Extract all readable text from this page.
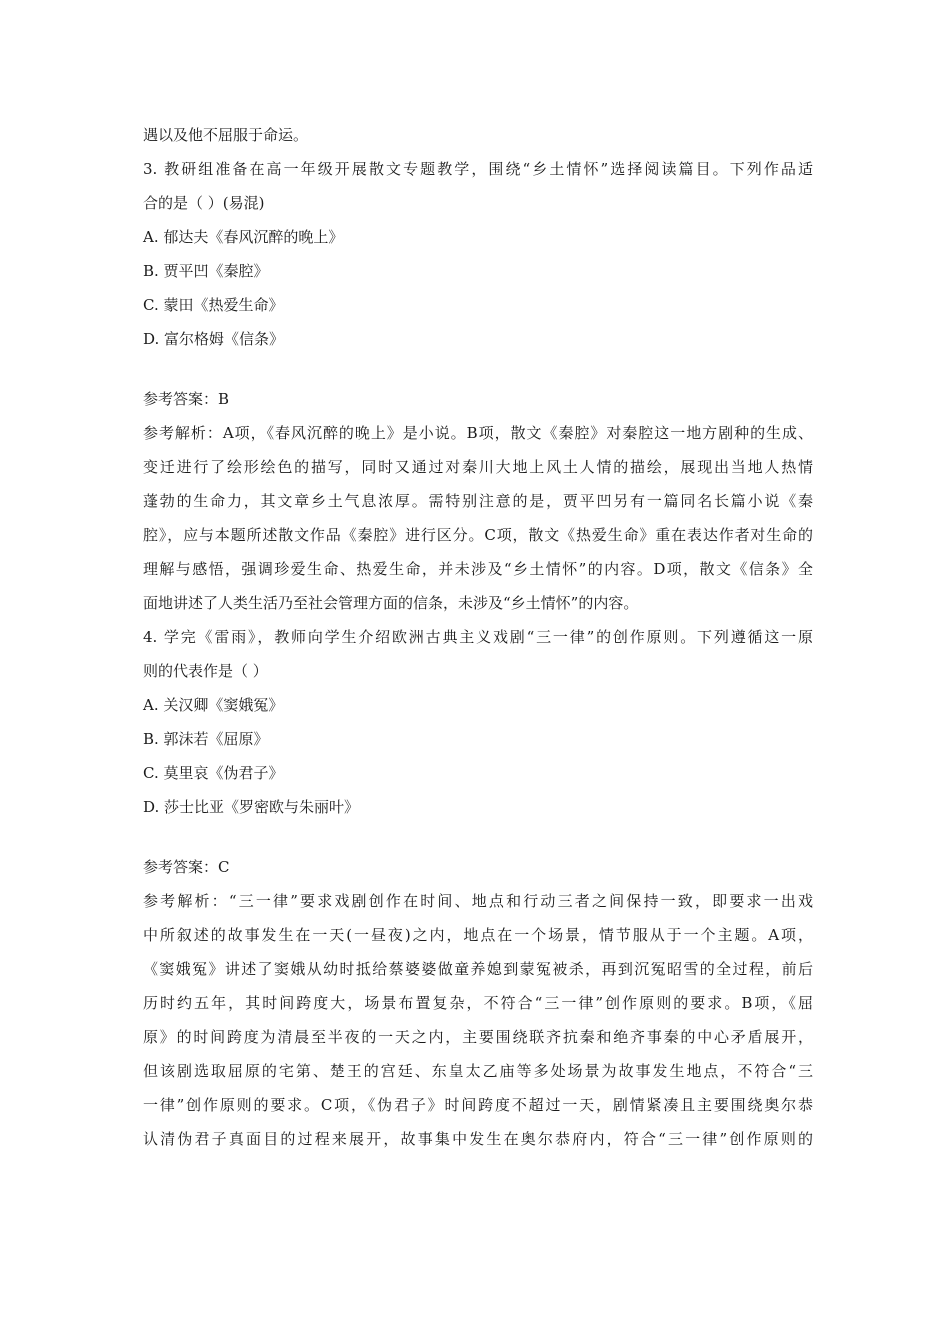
遇以及他不屈服于命运。
3. 教研组准备在高一年级开展散文专题教学，围绕“乡土情怀”选择阅读篇目。下列作品适
合的是（ ）(易混)
A. 郁达夫《春风沉醉的晚上》
B. 贾平凹《秦腔》
C. 蒙田《热爱生命》
D. 富尔格姆《信条》
参考答案：B
参考解析：A项，《春风沉醉的晚上》是小说。B项，散文《秦腔》对秦腔这一地方剧种的生成、
变迁进行了绘形绘色的描写，同时又通过对秦川大地上风土人情的描绘，展现出当地人热情
蓬勃的生命力，其文章乡土气息浓厚。需特别注意的是，贾平凹另有一篇同名长篇小说《秦
腔》，应与本题所述散文作品《秦腔》进行区分。C项，散文《热爱生命》重在表达作者对生命的
理解与感悟，强调珍爱生命、热爱生命，并未涉及“乡土情怀”的内容。D项，散文《信条》全
面地讲述了人类生活乃至社会管理方面的信条，未涉及“乡土情怀”的内容。
4. 学完《雷雨》，教师向学生介绍欧洲古典主义戏剧“三一律”的创作原则。下列遵循这一原
则的代表作是（ ）
A. 关汉卿《窦娥冤》
B. 郭沫若《屈原》
C. 莫里哀《伪君子》
D. 莎士比亚《罗密欧与朱丽叶》
参考答案：C
参考解析：“三一律”要求戏剧创作在时间、地点和行动三者之间保持一致，即要求一出戏
中所叙述的故事发生在一天(一昼夜)之内，地点在一个场景，情节服从于一个主题。A项，
《窦娥冤》讲述了窦娥从幼时抵给蔡婆婆做童养媳到蒙冤被杀，再到沉冤昭雪的全过程，前后
历时约五年，其时间跨度大，场景布置复杂，不符合“三一律”创作原则的要求。B项，《屈
原》的时间跨度为清晨至半夜的一天之内，主要围绕联齐抗秦和绝齐事秦的中心矛盾展开，
但该剧选取屈原的宅第、楚王的宫廷、东皇太乙庙等多处场景为故事发生地点，不符合“三
一律”创作原则的要求。C项，《伪君子》时间跨度不超过一天，剧情紧凑且主要围绕奥尔恭
认清伪君子真面目的过程来展开，故事集中发生在奥尔恭府内，符合“三一律”创作原则的
